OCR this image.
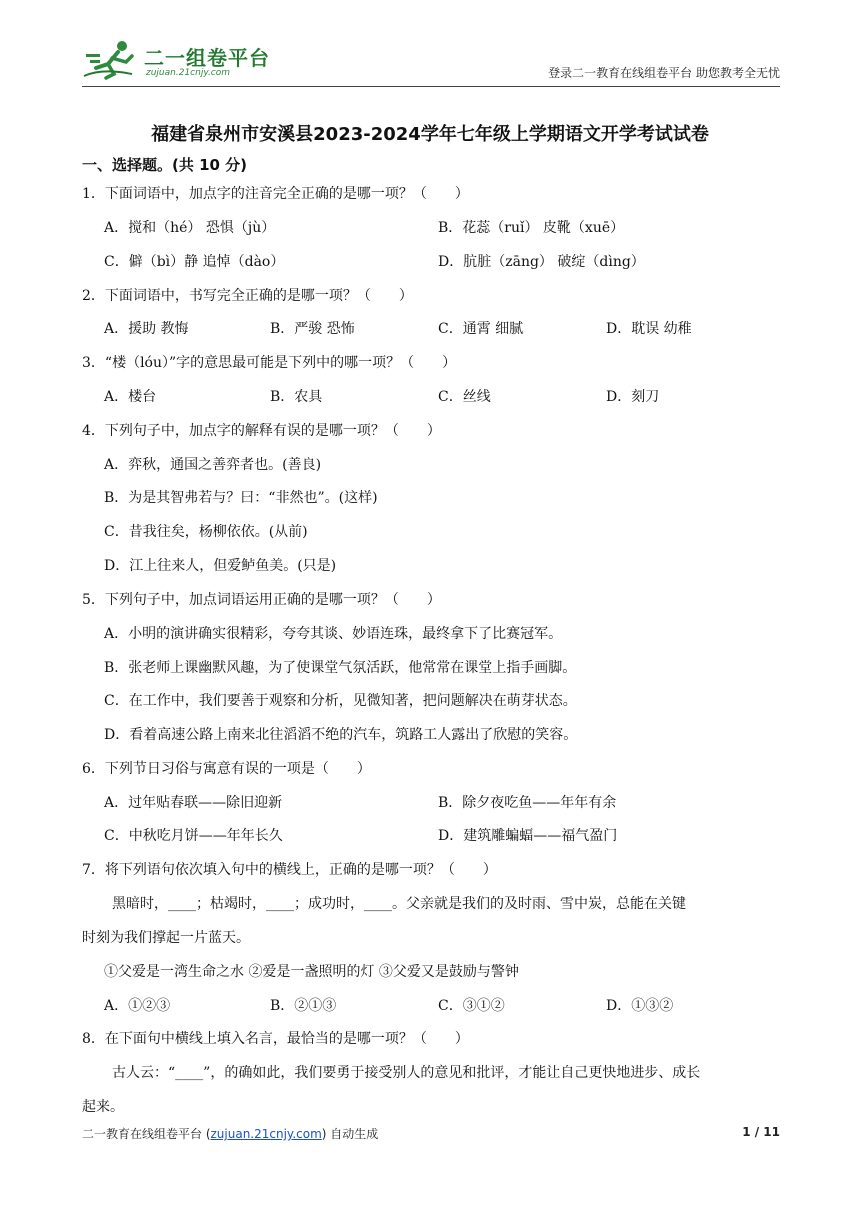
二一组卷平台
zujuan.21cnjy.com	登录二一教育在线组卷平台 助您教考全无忧
福建省泉州市安溪县2023-2024学年七年级上学期语文开学考试试卷
一、选择题。(共 10 分)
1．下面词语中，加点字的注音完全正确的是哪一项？（　　）
A．搅和（hé） 恐惧（jù）	B．花蕊（ruǐ） 皮靴（xuē）
C．僻（bì）静 追悼（dào）	D．肮脏（zāng） 破绽（dìng）
2．下面词语中，书写完全正确的是哪一项？（　　）
A．援助 教悔	B．严骏 恐怖	C．通霄 细腻	D．耽误 幼稚
3．“楼（lóu）”字的意思最可能是下列中的哪一项？（　　）
A．楼台	B．农具	C．丝线	D．刻刀
4．下列句子中，加点字的解释有误的是哪一项？（　　）
A．弈秋，通国之善弈者也。(善良)
B．为是其智弗若与？曰：“非然也”。(这样)
C．昔我往矣，杨柳依依。(从前)
D．江上往来人，但爱鲈鱼美。(只是)
5．下列句子中，加点词语运用正确的是哪一项？（　　）
A．小明的演讲确实很精彩，夸夸其谈、妙语连珠，最终拿下了比赛冠军。
B．张老师上课幽默风趣，为了使课堂气氛活跃，他常常在课堂上指手画脚。
C．在工作中，我们要善于观察和分析，见微知著，把问题解决在萌芽状态。
D．看着高速公路上南来北往滔滔不绝的汽车，筑路工人露出了欣慰的笑容。
6．下列节日习俗与寓意有误的一项是（　　）
A．过年贴春联——除旧迎新	B．除夕夜吃鱼——年年有余
C．中秋吃月饼——年年长久	D．建筑雕蝙蝠——福气盈门
7．将下列语句依次填入句中的横线上，正确的是哪一项？（　　）
黑暗时，____；枯竭时，____；成功时，____。父亲就是我们的及时雨、雪中炭，总能在关键
时刻为我们撑起一片蓝天。
①父爱是一湾生命之水 ②爱是一盏照明的灯 ③父爱又是鼓励与警钟
A．①②③	B．②①③	C．③①②	D．①③②
8．在下面句中横线上填入名言，最恰当的是哪一项？（　　）
古人云：“____”，的确如此，我们要勇于接受别人的意见和批评，才能让自己更快地进步、成长
起来。
二一教育在线组卷平台 (zujuan.21cnjy.com) 自动生成	1 / 11
